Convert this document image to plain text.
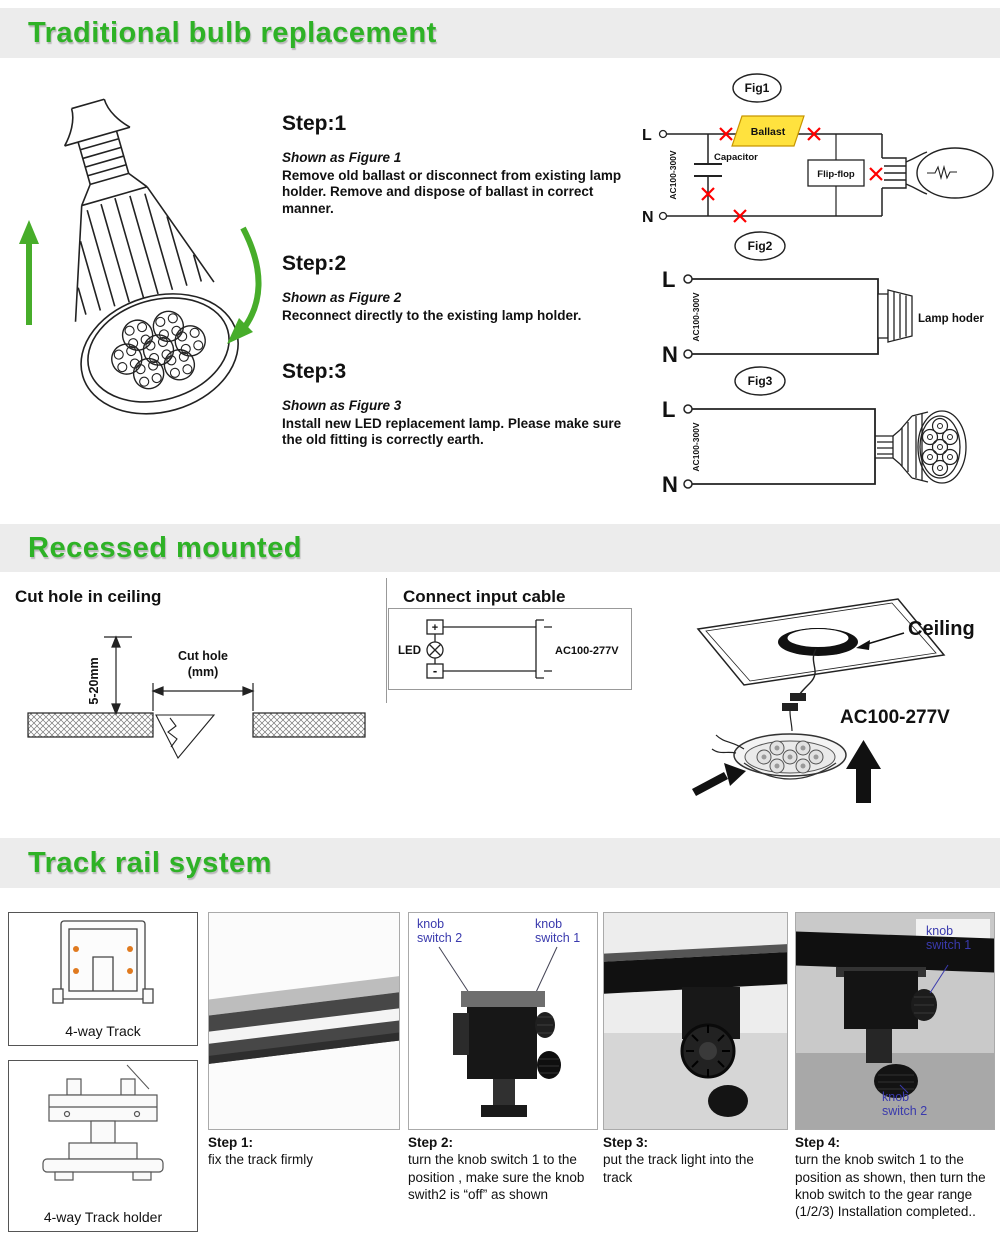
Traditional bulb replacement
Step:1
Shown as Figure 1
Remove old ballast or disconnect from existing lamp holder. Remove and dispose of ballast in correct manner.
Step:2
Shown as Figure 2
Reconnect directly to the existing lamp holder.
Step:3
Shown as Figure 3
Install new LED replacement lamp. Please make sure the old fitting is correctly earth.
Fig1
L
N
AC100-300V	Capacitor
Ballast
Flip-flop
Fig2
L
N
AC100-300V	Lamp hoder
Fig3
L
N
AC100-300V
Recessed mounted
Cut hole in ceiling	Connect input cable
5-20mm
Cut hole
(mm)
LED
+
-
AC100-277V
Ceiling
AC100-277V
Track rail system
4-way Track
4-way Track holder
knob switch 2
knob switch 1	knob switch 1
knob switch 2
Step 1:
fix the track firmly
Step 2:
turn the knob switch 1 to the position , make sure the knob swith2 is “off” as shown
Step 3:
put the track light into the track
Step 4:
turn the knob switch 1 to the position as shown, then turn the knob switch to the gear range (1/2/3) Installation completed..
